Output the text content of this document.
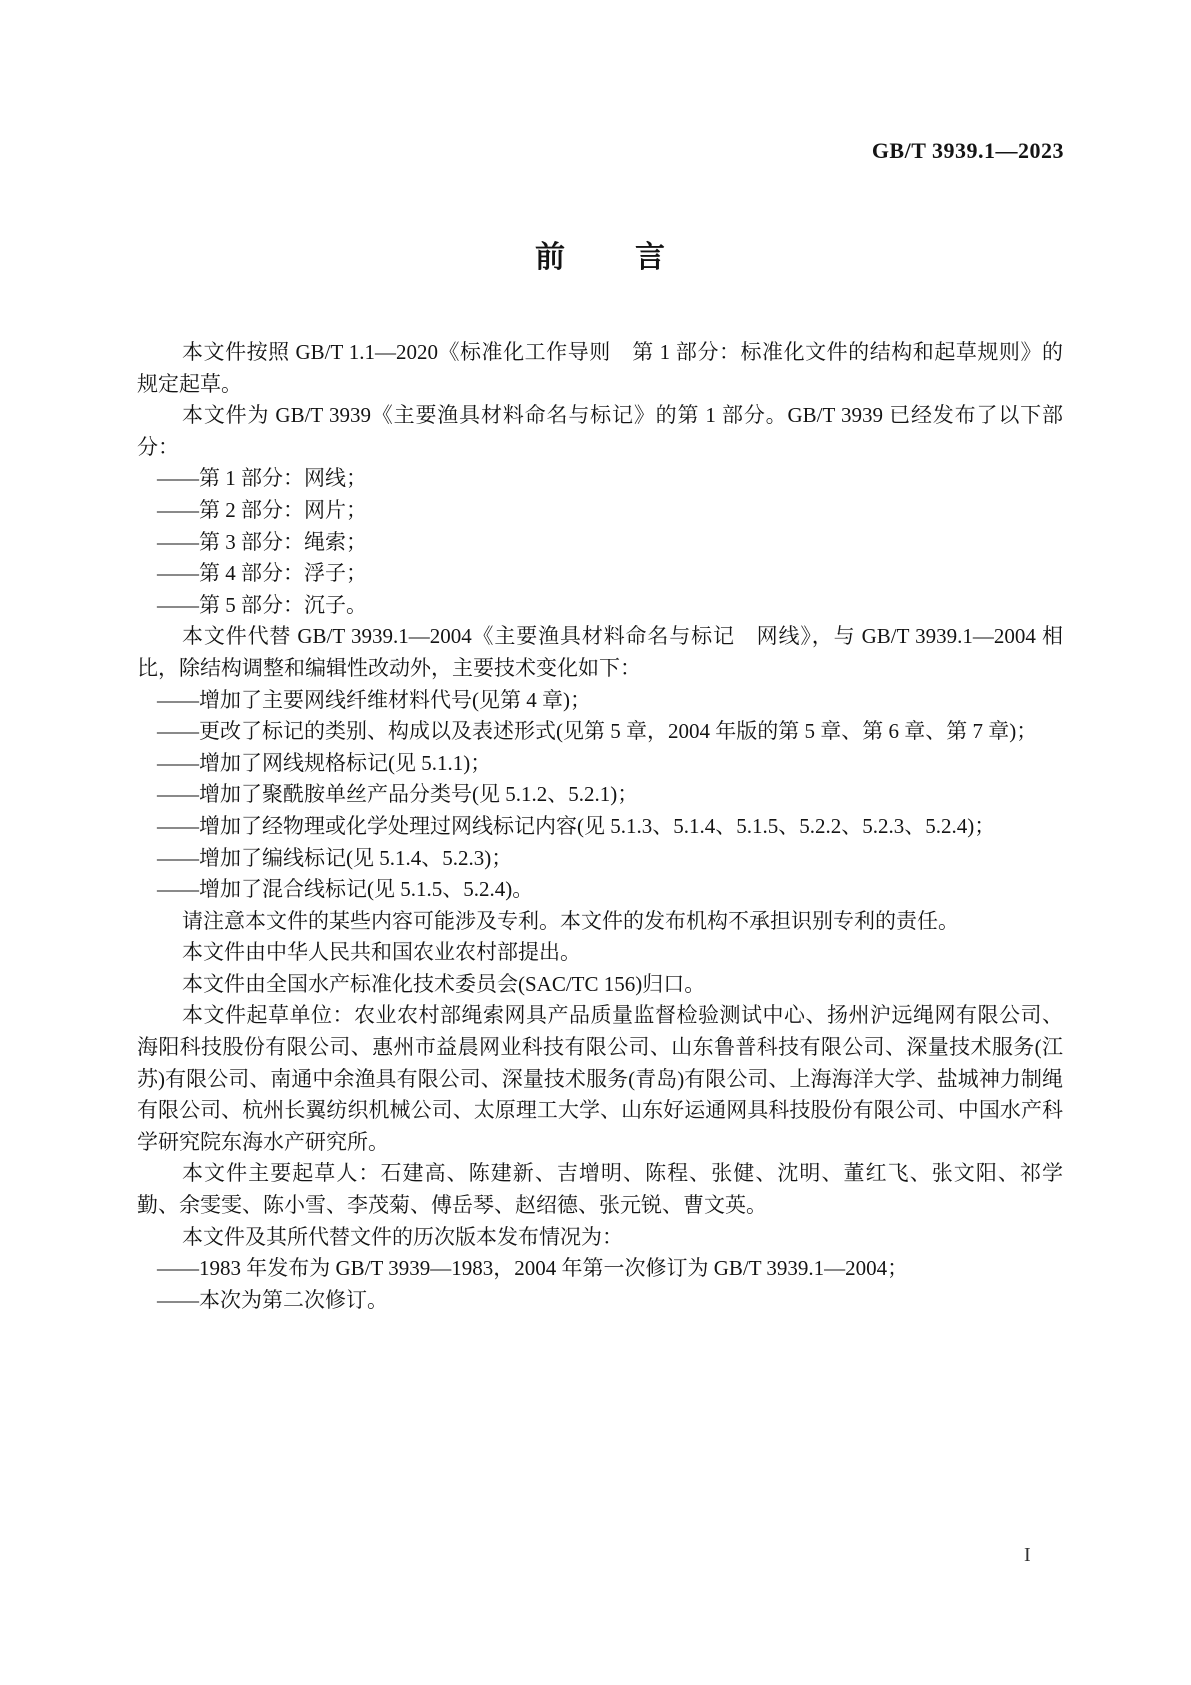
GB/T 3939.1—2023
前言

本文件按照 GB/T 1.1—2020《标准化工作导则　第 1 部分：标准化文件的结构和起草规则》的规定起草。

本文件为 GB/T 3939《主要渔具材料命名与标记》的第 1 部分。GB/T 3939 已经发布了以下部分：

——第 1 部分：网线；

——第 2 部分：网片；

——第 3 部分：绳索；

——第 4 部分：浮子；

——第 5 部分：沉子。

本文件代替 GB/T 3939.1—2004《主要渔具材料命名与标记　网线》，与 GB/T 3939.1—2004 相比，除结构调整和编辑性改动外，主要技术变化如下：

——增加了主要网线纤维材料代号(见第 4 章)；

——更改了标记的类别、构成以及表述形式(见第 5 章，2004 年版的第 5 章、第 6 章、第 7 章)；

——增加了网线规格标记(见 5.1.1)；

——增加了聚酰胺单丝产品分类号(见 5.1.2、5.2.1)；

——增加了经物理或化学处理过网线标记内容(见 5.1.3、5.1.4、5.1.5、5.2.2、5.2.3、5.2.4)；

——增加了编线标记(见 5.1.4、5.2.3)；

——增加了混合线标记(见 5.1.5、5.2.4)。

请注意本文件的某些内容可能涉及专利。本文件的发布机构不承担识别专利的责任。

本文件由中华人民共和国农业农村部提出。

本文件由全国水产标准化技术委员会(SAC/TC 156)归口。

本文件起草单位：农业农村部绳索网具产品质量监督检验测试中心、扬州沪远绳网有限公司、海阳科技股份有限公司、惠州市益晨网业科技有限公司、山东鲁普科技有限公司、深量技术服务(江苏)有限公司、南通中余渔具有限公司、深量技术服务(青岛)有限公司、上海海洋大学、盐城神力制绳有限公司、杭州长翼纺织机械公司、太原理工大学、山东好运通网具科技股份有限公司、中国水产科学研究院东海水产研究所。

本文件主要起草人：石建高、陈建新、吉增明、陈程、张健、沈明、董红飞、张文阳、祁学勤、余雯雯、陈小雪、李茂菊、傅岳琴、赵绍德、张元锐、曹文英。

本文件及其所代替文件的历次版本发布情况为：

——1983 年发布为 GB/T 3939—1983，2004 年第一次修订为 GB/T 3939.1—2004；

——本次为第二次修订。

I
